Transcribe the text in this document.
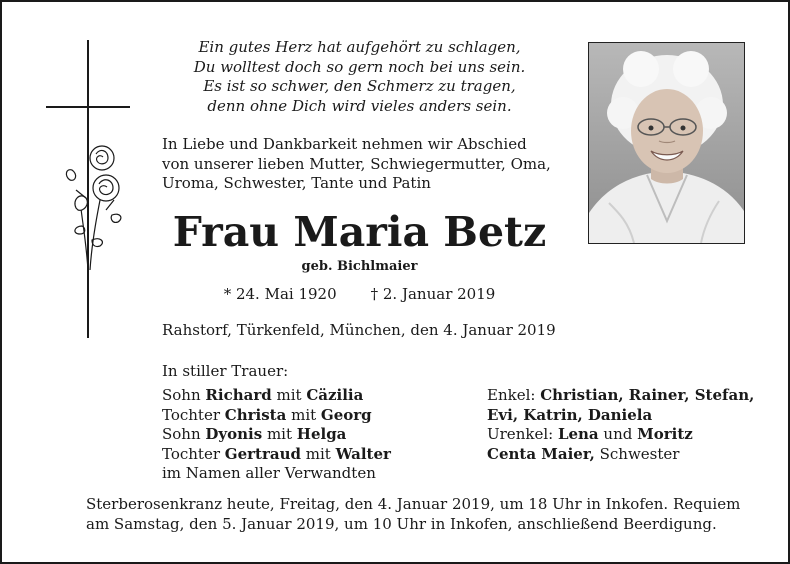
Ein gutes Herz hat aufgehört zu schlagen,
Du wolltest doch so gern noch bei uns sein.
Es ist so schwer, den Schmerz zu tragen,
denn ohne Dich wird vieles anders sein.
In Liebe und Dankbarkeit nehmen wir Abschied
von unserer lieben Mutter, Schwiegermutter, Oma,
Uroma, Schwester, Tante und Patin
Frau Maria Betz
geb. Bichlmaier
* 24. Mai 1920 † 2. Januar 2019
Rahstorf, Türkenfeld, München, den 4. Januar 2019
In stiller Trauer:
Sohn Richard mit Cäzilia
Tochter Christa mit Georg
Sohn Dyonis mit Helga
Tochter Gertraud mit Walter
im Namen aller Verwandten
Enkel: Christian, Rainer, Stefan,
Evi, Katrin, Daniela
Urenkel: Lena und Moritz
Centa Maier, Schwester
Sterberosenkranz heute, Freitag, den 4. Januar 2019, um 18 Uhr in Inkofen. Requiem
am Samstag, den 5. Januar 2019, um 10 Uhr in Inkofen, anschließend Beerdigung.
